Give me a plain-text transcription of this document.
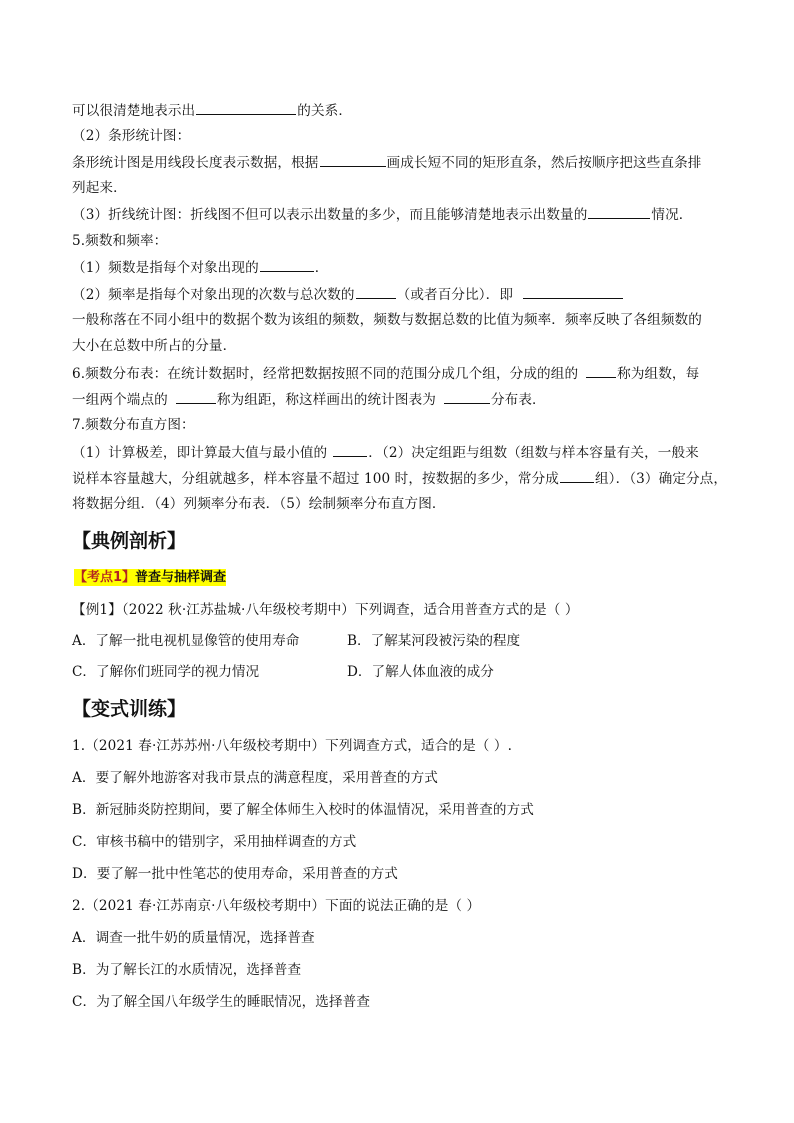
可以很清楚地表示出	的关系．
（2）条形统计图：
条形统计图是用线段长度表示数据，根据	画成长短不同的矩形直条，然后按顺序把这些直条排
列起来．
（3）折线统计图：折线图不但可以表示出数量的多少，而且能够清楚地表示出数量的	情况．
5.频数和频率：
（1）频数是指每个对象出现的	．
（2）频率是指每个对象出现的次数与总次数的	（或者百分比）．即
一般称落在不同小组中的数据个数为该组的频数，频数与数据总数的比值为频率．频率反映了各组频数的
大小在总数中所占的分量．
6.频数分布表：在统计数据时，经常把数据按照不同的范围分成几个组，分成的组的	称为组数，每
一组两个端点的	称为组距，称这样画出的统计图表为	分布表．
7.频数分布直方图：
（1）计算极差，即计算最大值与最小值的	．（2）决定组距与组数（组数与样本容量有关，一般来
说样本容量越大，分组就越多，样本容量不超过 100 时，按数据的多少，常分成	组）．（3）确定分点，
将数据分组．（4）列频率分布表．（5）绘制频率分布直方图．
【典例剖析】
【考点1】普查与抽样调查
【例1】（2022 秋·江苏盐城·八年级校考期中）下列调查，适合用普查方式的是（ ）
A．了解一批电视机显像管的使用寿命	B．了解某河段被污染的程度
C．了解你们班同学的视力情况	D．了解人体血液的成分
【变式训练】
1.（2021 春·江苏苏州·八年级校考期中）下列调查方式，适合的是（ ）.
A．要了解外地游客对我市景点的满意程度，采用普查的方式
B．新冠肺炎防控期间，要了解全体师生入校时的体温情况，采用普查的方式
C．审核书稿中的错别字，采用抽样调查的方式
D．要了解一批中性笔芯的使用寿命，采用普查的方式
2.（2021 春·江苏南京·八年级校考期中）下面的说法正确的是（ ）
A．调查一批牛奶的质量情况，选择普查
B．为了解长江的水质情况，选择普查
C．为了解全国八年级学生的睡眠情况，选择普查
